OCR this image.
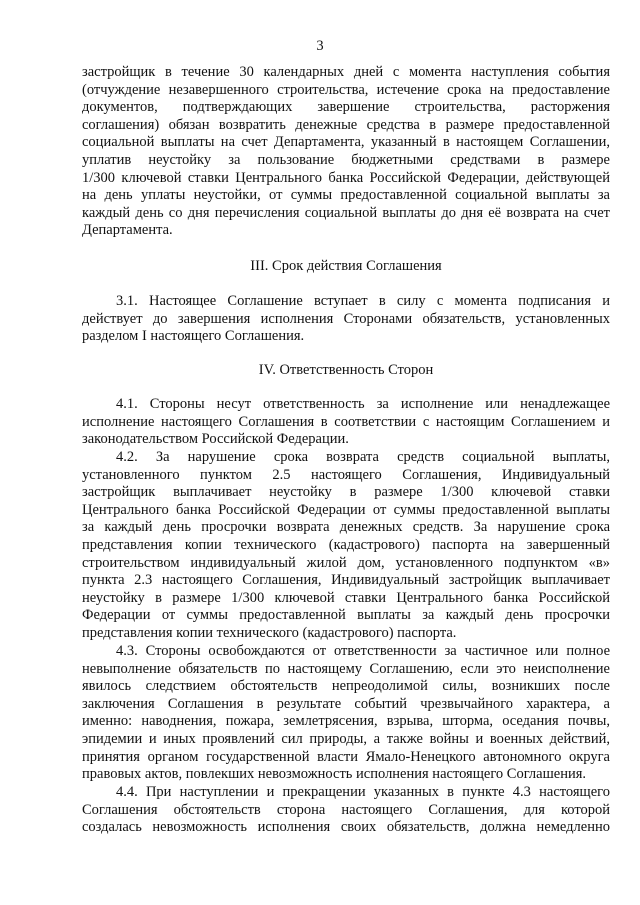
3
застройщик в течение 30 календарных дней с момента наступления события
(отчуждение незавершенного строительства, истечение срока на предоставление
документов, подтверждающих завершение строительства, расторжения
соглашения) обязан возвратить денежные средства в размере предоставленной
социальной выплаты на счет Департамента, указанный в настоящем Соглашении,
уплатив неустойку за пользование бюджетными средствами в размере
1/300 ключевой ставки Центрального банка Российской Федерации, действующей
на день уплаты неустойки, от суммы предоставленной социальной выплаты за
каждый день со дня перечисления социальной выплаты до дня её возврата на счет
Департамента.
III. Срок действия Соглашения
3.1. Настоящее Соглашение вступает в силу с момента подписания и
действует до завершения исполнения Сторонами обязательств, установленных
разделом I настоящего Соглашения.
IV. Ответственность Сторон
4.1. Стороны несут ответственность за исполнение или ненадлежащее
исполнение настоящего Соглашения в соответствии с настоящим Соглашением и
законодательством Российской Федерации.
4.2. За нарушение срока возврата средств социальной выплаты,
установленного пунктом 2.5 настоящего Соглашения, Индивидуальный
застройщик выплачивает неустойку в размере 1/300 ключевой ставки
Центрального банка Российской Федерации от суммы предоставленной выплаты
за каждый день просрочки возврата денежных средств. За нарушение срока
представления копии технического (кадастрового) паспорта на завершенный
строительством индивидуальный жилой дом, установленного подпунктом «в»
пункта 2.3 настоящего Соглашения, Индивидуальный застройщик выплачивает
неустойку в размере 1/300 ключевой ставки Центрального банка Российской
Федерации от суммы предоставленной выплаты за каждый день просрочки
представления копии технического (кадастрового) паспорта.
4.3. Стороны освобождаются от ответственности за частичное или полное
невыполнение обязательств по настоящему Соглашению, если это неисполнение
явилось следствием обстоятельств непреодолимой силы, возникших после
заключения Соглашения в результате событий чрезвычайного характера, а
именно: наводнения, пожара, землетрясения, взрыва, шторма, оседания почвы,
эпидемии и иных проявлений сил природы, а также войны и военных действий,
принятия органом государственной власти Ямало-Ненецкого автономного округа
правовых актов, повлекших невозможность исполнения настоящего Соглашения.
4.4. При наступлении и прекращении указанных в пункте 4.3 настоящего
Соглашения обстоятельств сторона настоящего Соглашения, для которой
создалась невозможность исполнения своих обязательств, должна немедленно
